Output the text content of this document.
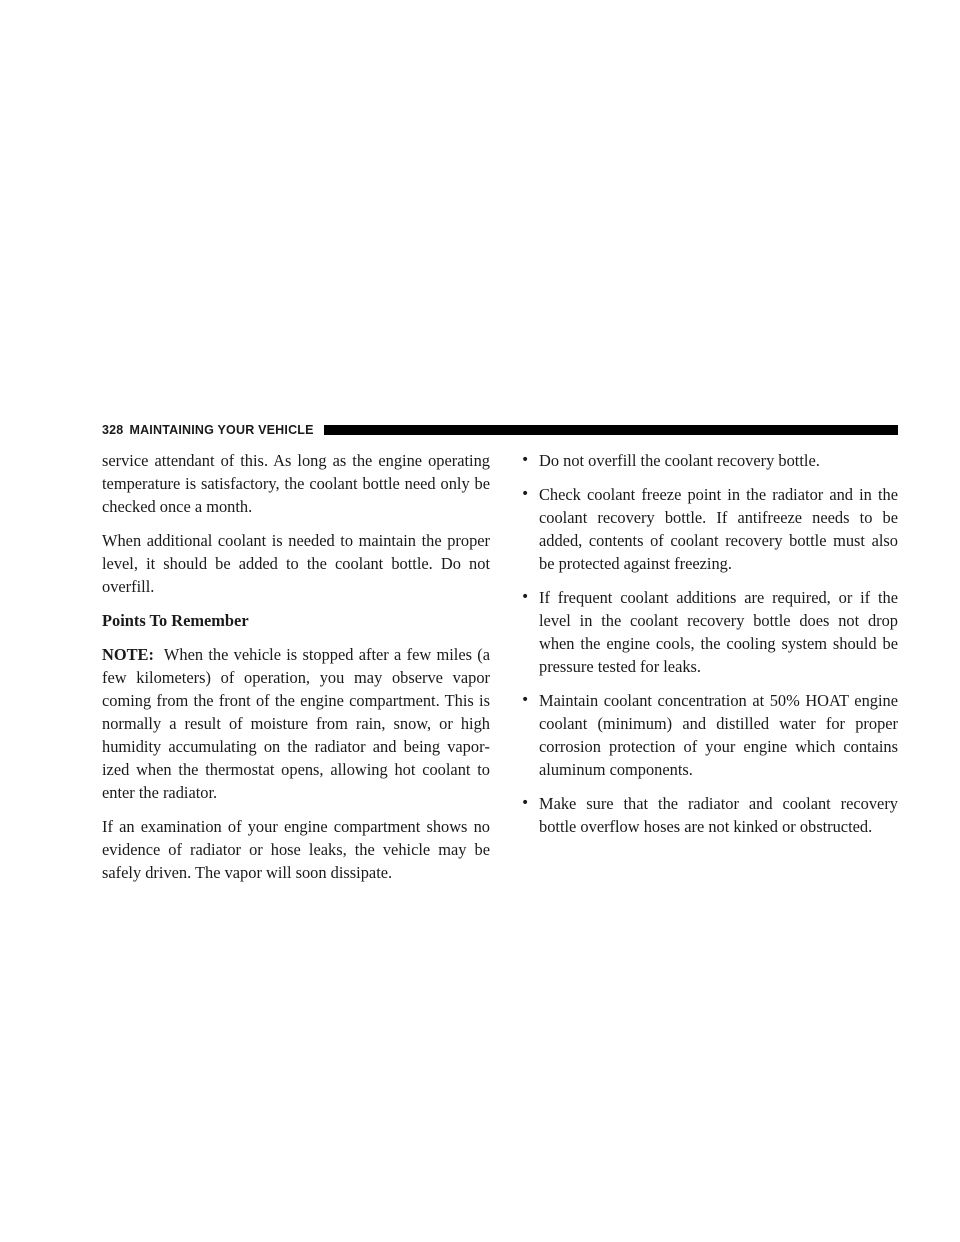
328 MAINTAINING YOUR VEHICLE

service attendant of this. As long as the engine operating temperature is satisfactory, the coolant bottle need only be checked once a month.

When additional coolant is needed to maintain the proper level, it should be added to the coolant bottle. Do not overfill.

Points To Remember

NOTE: When the vehicle is stopped after a few miles (a few kilometers) of operation, you may observe vapor coming from the front of the engine compartment. This is normally a result of moisture from rain, snow, or high humidity accumulating on the radiator and being vaporized when the thermostat opens, allowing hot coolant to enter the radiator.

If an examination of your engine compartment shows no evidence of radiator or hose leaks, the vehicle may be safely driven. The vapor will soon dissipate.

• Do not overfill the coolant recovery bottle.
• Check coolant freeze point in the radiator and in the coolant recovery bottle. If antifreeze needs to be added, contents of coolant recovery bottle must also be protected against freezing.
• If frequent coolant additions are required, or if the level in the coolant recovery bottle does not drop when the engine cools, the cooling system should be pressure tested for leaks.
• Maintain coolant concentration at 50% HOAT engine coolant (minimum) and distilled water for proper corrosion protection of your engine which contains aluminum components.
• Make sure that the radiator and coolant recovery bottle overflow hoses are not kinked or obstructed.
